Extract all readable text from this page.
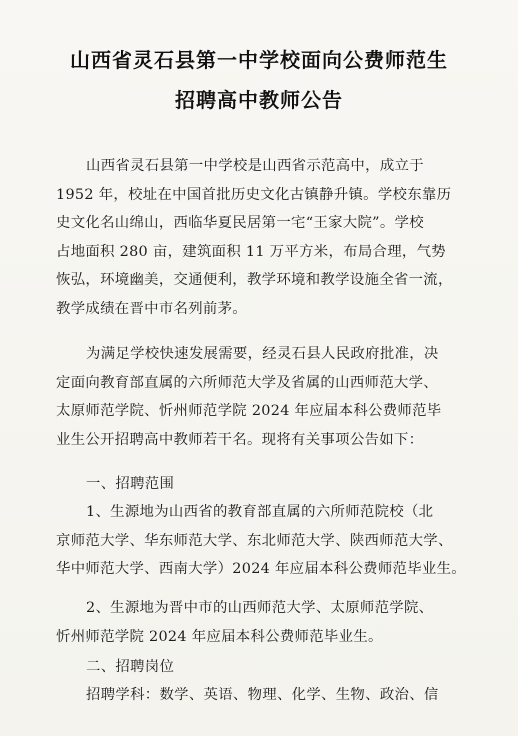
山西省灵石县第一中学校面向公费师范生
招聘高中教师公告
山西省灵石县第一中学校是山西省示范高中，成立于
1952 年，校址在中国首批历史文化古镇静升镇。学校东靠历
史文化名山绵山，西临华夏民居第一宅“王家大院”。学校
占地面积 280 亩，建筑面积 11 万平方米，布局合理，气势
恢弘，环境幽美，交通便利，教学环境和教学设施全省一流，
教学成绩在晋中市名列前茅。
为满足学校快速发展需要，经灵石县人民政府批准，决
定面向教育部直属的六所师范大学及省属的山西师范大学、
太原师范学院、忻州师范学院 2024 年应届本科公费师范毕
业生公开招聘高中教师若干名。现将有关事项公告如下：
一、招聘范围
1、生源地为山西省的教育部直属的六所师范院校（北
京师范大学、华东师范大学、东北师范大学、陕西师范大学、
华中师范大学、西南大学）2024 年应届本科公费师范毕业生。
2、生源地为晋中市的山西师范大学、太原师范学院、
忻州师范学院 2024 年应届本科公费师范毕业生。
二、招聘岗位
招聘学科：数学、英语、物理、化学、生物、政治、信
